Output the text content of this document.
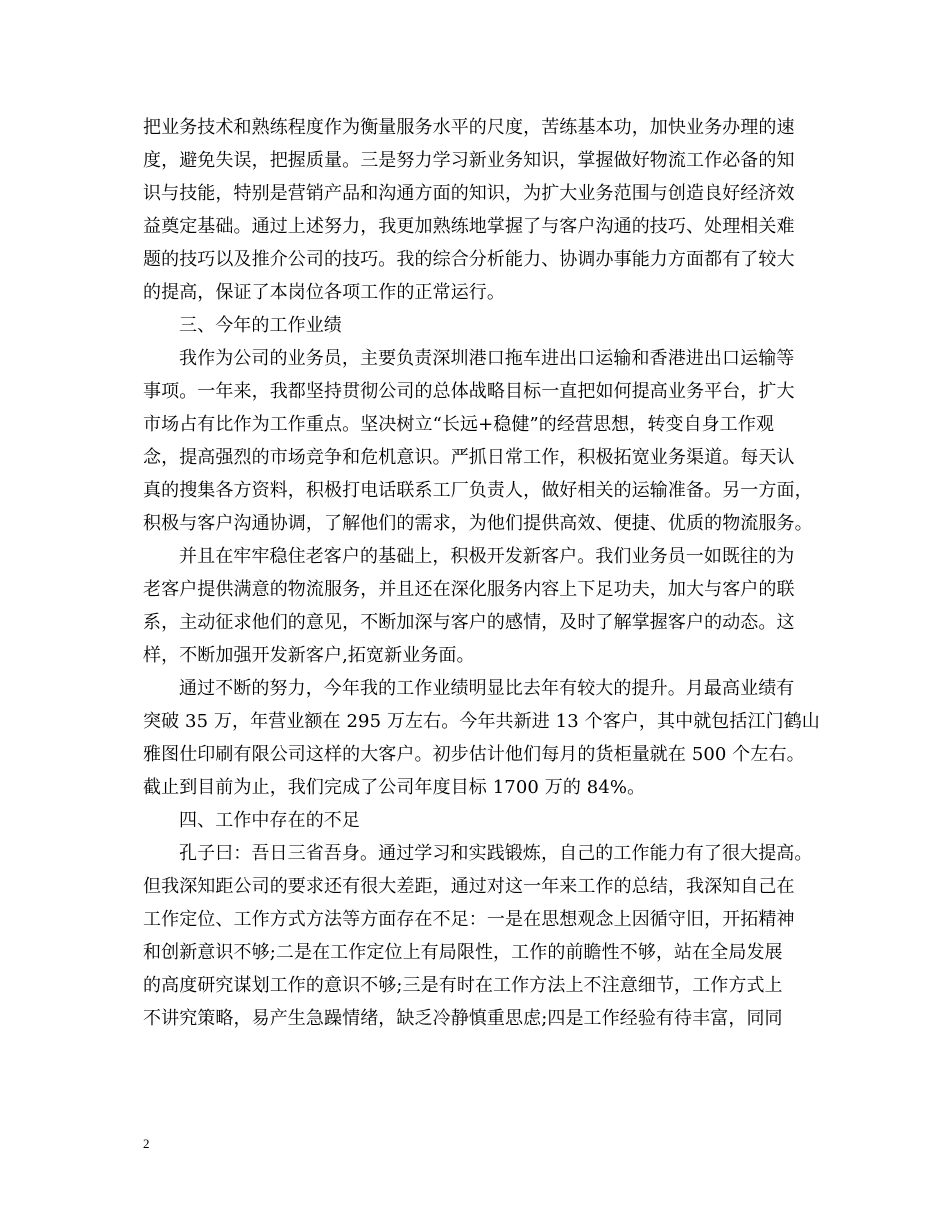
把业务技术和熟练程度作为衡量服务水平的尺度，苦练基本功，加快业务办理的速
度，避免失误，把握质量。三是努力学习新业务知识，掌握做好物流工作必备的知
识与技能，特别是营销产品和沟通方面的知识，为扩大业务范围与创造良好经济效
益奠定基础。通过上述努力，我更加熟练地掌握了与客户沟通的技巧、处理相关难
题的技巧以及推介公司的技巧。我的综合分析能力、协调办事能力方面都有了较大
的提高，保证了本岗位各项工作的正常运行。
三、今年的工作业绩
我作为公司的业务员，主要负责深圳港口拖车进出口运输和香港进出口运输等
事项。一年来，我都坚持贯彻公司的总体战略目标一直把如何提高业务平台，扩大
市场占有比作为工作重点。坚决树立“长远+稳健”的经营思想，转变自身工作观
念，提高强烈的市场竞争和危机意识。严抓日常工作，积极拓宽业务渠道。每天认
真的搜集各方资料，积极打电话联系工厂负责人，做好相关的运输准备。另一方面，
积极与客户沟通协调，了解他们的需求，为他们提供高效、便捷、优质的物流服务。
并且在牢牢稳住老客户的基础上，积极开发新客户。我们业务员一如既往的为
老客户提供满意的物流服务，并且还在深化服务内容上下足功夫，加大与客户的联
系，主动征求他们的意见，不断加深与客户的感情，及时了解掌握客户的动态。这
样，不断加强开发新客户,拓宽新业务面。
通过不断的努力，今年我的工作业绩明显比去年有较大的提升。月最高业绩有
突破 35 万，年营业额在 295 万左右。今年共新进 13 个客户，其中就包括江门鹤山
雅图仕印刷有限公司这样的大客户。初步估计他们每月的货柜量就在 500 个左右。
截止到目前为止，我们完成了公司年度目标 1700 万的 84%。
四、工作中存在的不足
孔子曰：吾日三省吾身。通过学习和实践锻炼，自己的工作能力有了很大提高。
但我深知距公司的要求还有很大差距，通过对这一年来工作的总结，我深知自己在
工作定位、工作方式方法等方面存在不足：一是在思想观念上因循守旧，开拓精神
和创新意识不够;二是在工作定位上有局限性，工作的前瞻性不够，站在全局发展
的高度研究谋划工作的意识不够;三是有时在工作方法上不注意细节，工作方式上
不讲究策略，易产生急躁情绪，缺乏冷静慎重思虑;四是工作经验有待丰富，同同
2
